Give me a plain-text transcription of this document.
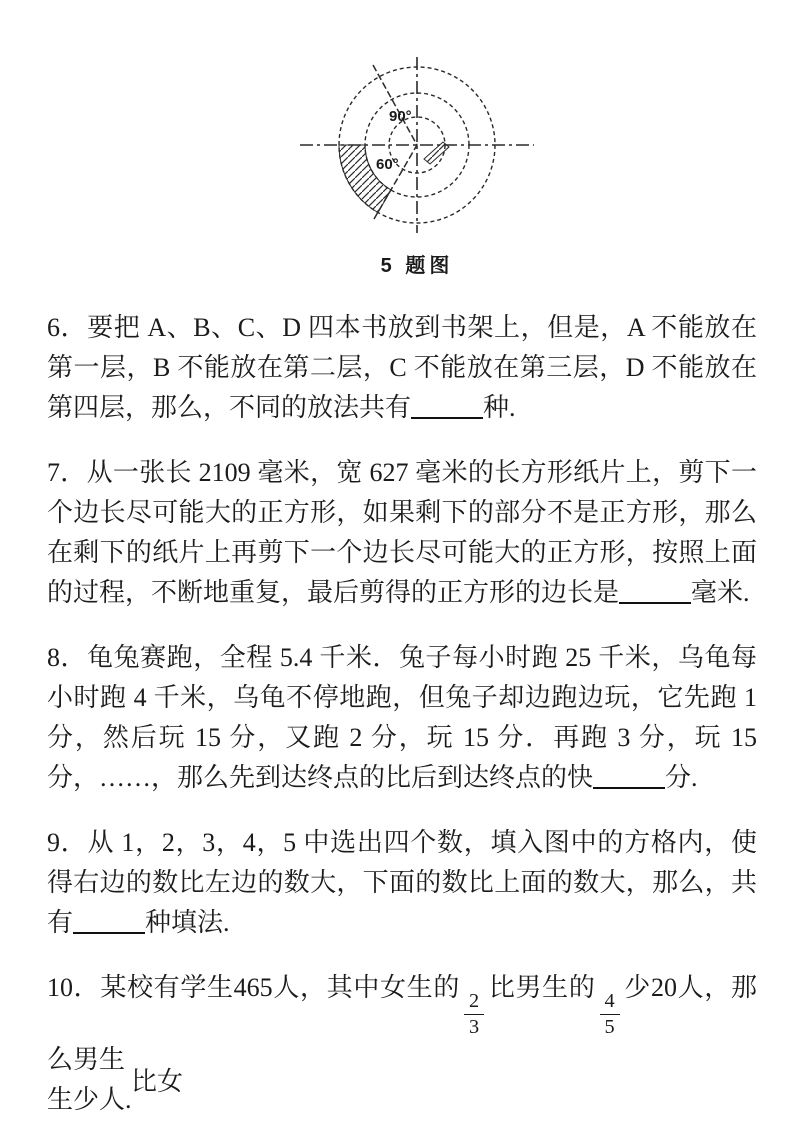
90°
60°
5 题图

6．要把 A、B、C、D 四本书放到书架上，但是，A 不能放在第一层，B 不能放在第二层，C 不能放在第三层，D 不能放在第四层，那么，不同的放法共有	种.

7．从一张长 2109 毫米，宽 627 毫米的长方形纸片上，剪下一个边长尽可能大的正方形，如果剩下的部分不是正方形，那么在剩下的纸片上再剪下一个边长尽可能大的正方形，按照上面的过程，不断地重复，最后剪得的正方形的边长是	毫米.

8．龟兔赛跑，全程 5.4 千米．兔子每小时跑 25 千米，乌龟每小时跑 4 千米，乌龟不停地跑，但兔子却边跑边玩，它先跑 1 分，然后玩 15 分，又跑 2 分，玩 15 分．再跑 3 分，玩 15 分，……，那么先到达终点的比后到达终点的快	分.

9．从 1，2，3，4，5 中选出四个数，填入图中的方格内，使得右边的数比左边的数大，下面的数比上面的数大，那么，共有	种填法.

10．某校有学生465人，其中女生的
$\frac{2}{3}$
比男生的
$\frac{4}{5}$
少20人，那么男生比女
生少人.
